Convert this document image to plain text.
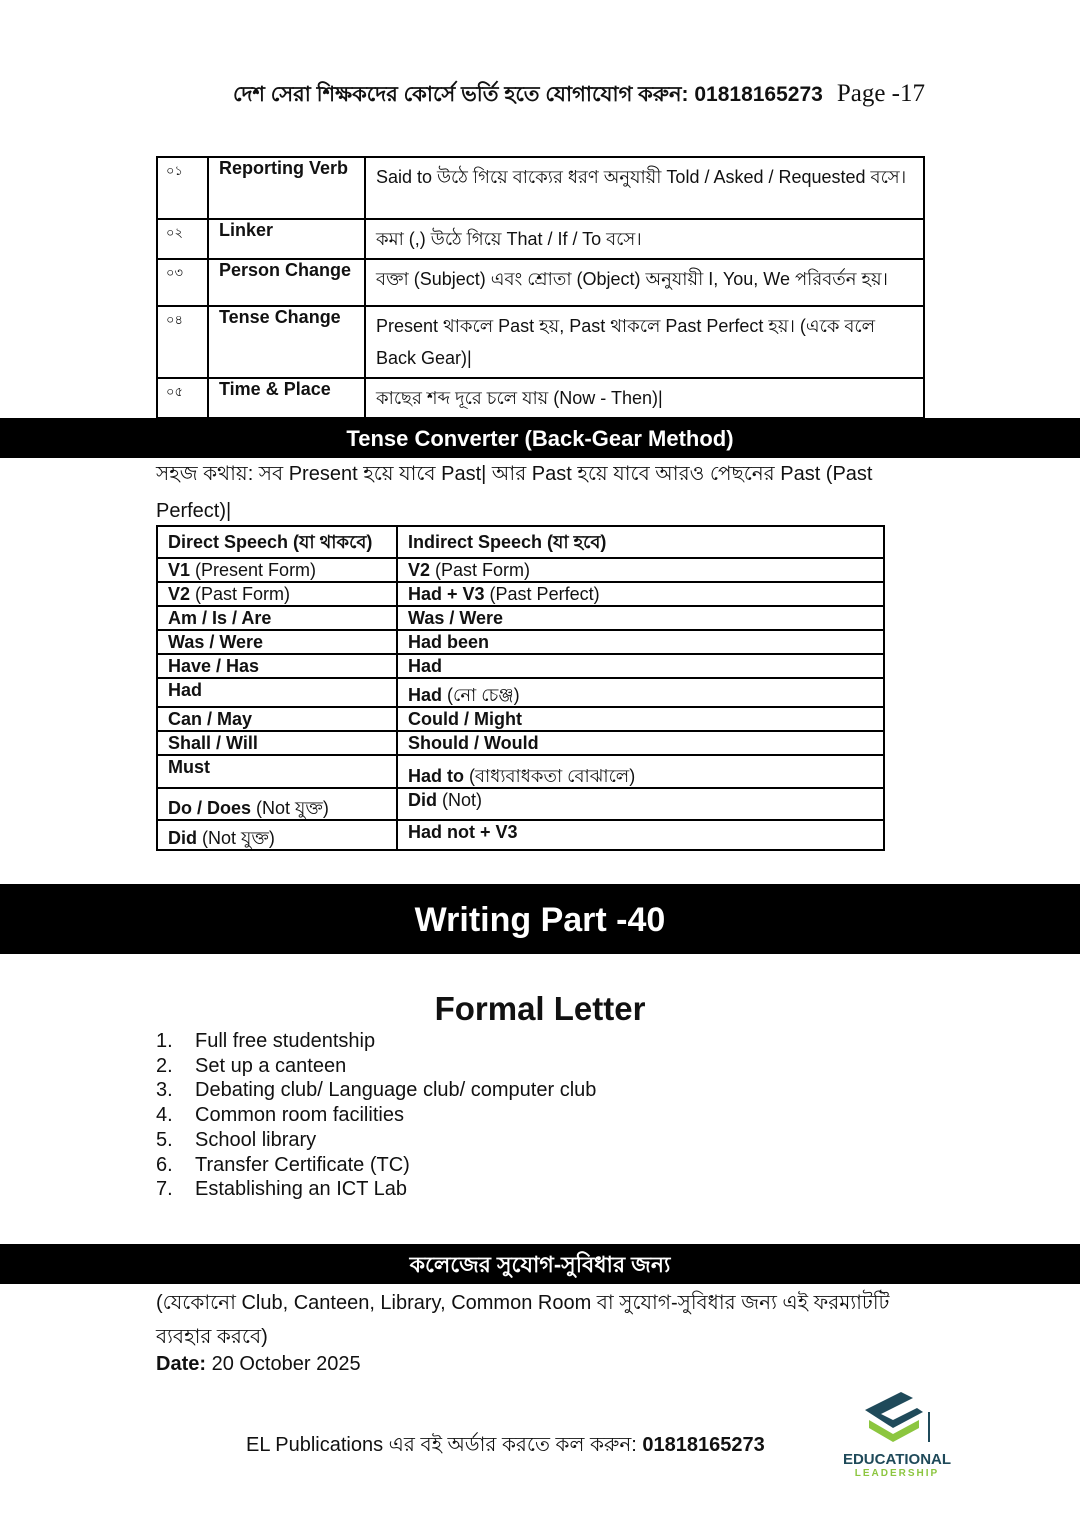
দেশ সেরা শিক্ষকদের কোর্সে ভর্তি হতে যোগাযোগ করুন: 01818165273 Page -17
০১	Reporting Verb	Said to উঠে গিয়ে বাক্যের ধরণ অনুযায়ী Told / Asked / Requested বসে।
০২	Linker	কমা (,) উঠে গিয়ে That / If / To বসে।
০৩	Person Change	বক্তা (Subject) এবং শ্রোতা (Object) অনুযায়ী I, You, We পরিবর্তন হয়।
০৪	Tense Change	Present থাকলে Past হয়, Past থাকলে Past Perfect হয়। (একে বলে Back Gear)|
০৫	Time & Place	কাছের শব্দ দূরে চলে যায় (Now - Then)|
Tense Converter (Back-Gear Method)
সহজ কথায়: সব Present হয়ে যাবে Past| আর Past হয়ে যাবে আরও পেছনের Past (Past Perfect)|
Direct Speech (যা থাকবে)	Indirect Speech (যা হবে)
V1 (Present Form)	V2 (Past Form)
V2 (Past Form)	Had + V3 (Past Perfect)
Am / Is / Are	Was / Were
Was / Were	Had been
Have / Has	Had
Had	Had (নো চেঞ্জ)
Can / May	Could / Might
Shall / Will	Should / Would
Must	Had to (বাধ্যবাধকতা বোঝালে)
Do / Does (Not যুক্ত)	Did (Not)
Did (Not যুক্ত)	Had not + V3
Writing Part -40
Formal Letter
1. Full free studentship
2. Set up a canteen
3. Debating club/ Language club/ computer club
4. Common room facilities
5. School library
6. Transfer Certificate (TC)
7. Establishing an ICT Lab
কলেজের সুযোগ-সুবিধার জন্য
(যেকোনো Club, Canteen, Library, Common Room বা সুযোগ-সুবিধার জন্য এই ফরম্যাটটি ব্যবহার করবে)
Date: 20 October 2025
EL Publications এর বই অর্ডার করতে কল করুন: 01818165273
EDUCATIONAL
LEADERSHIP
